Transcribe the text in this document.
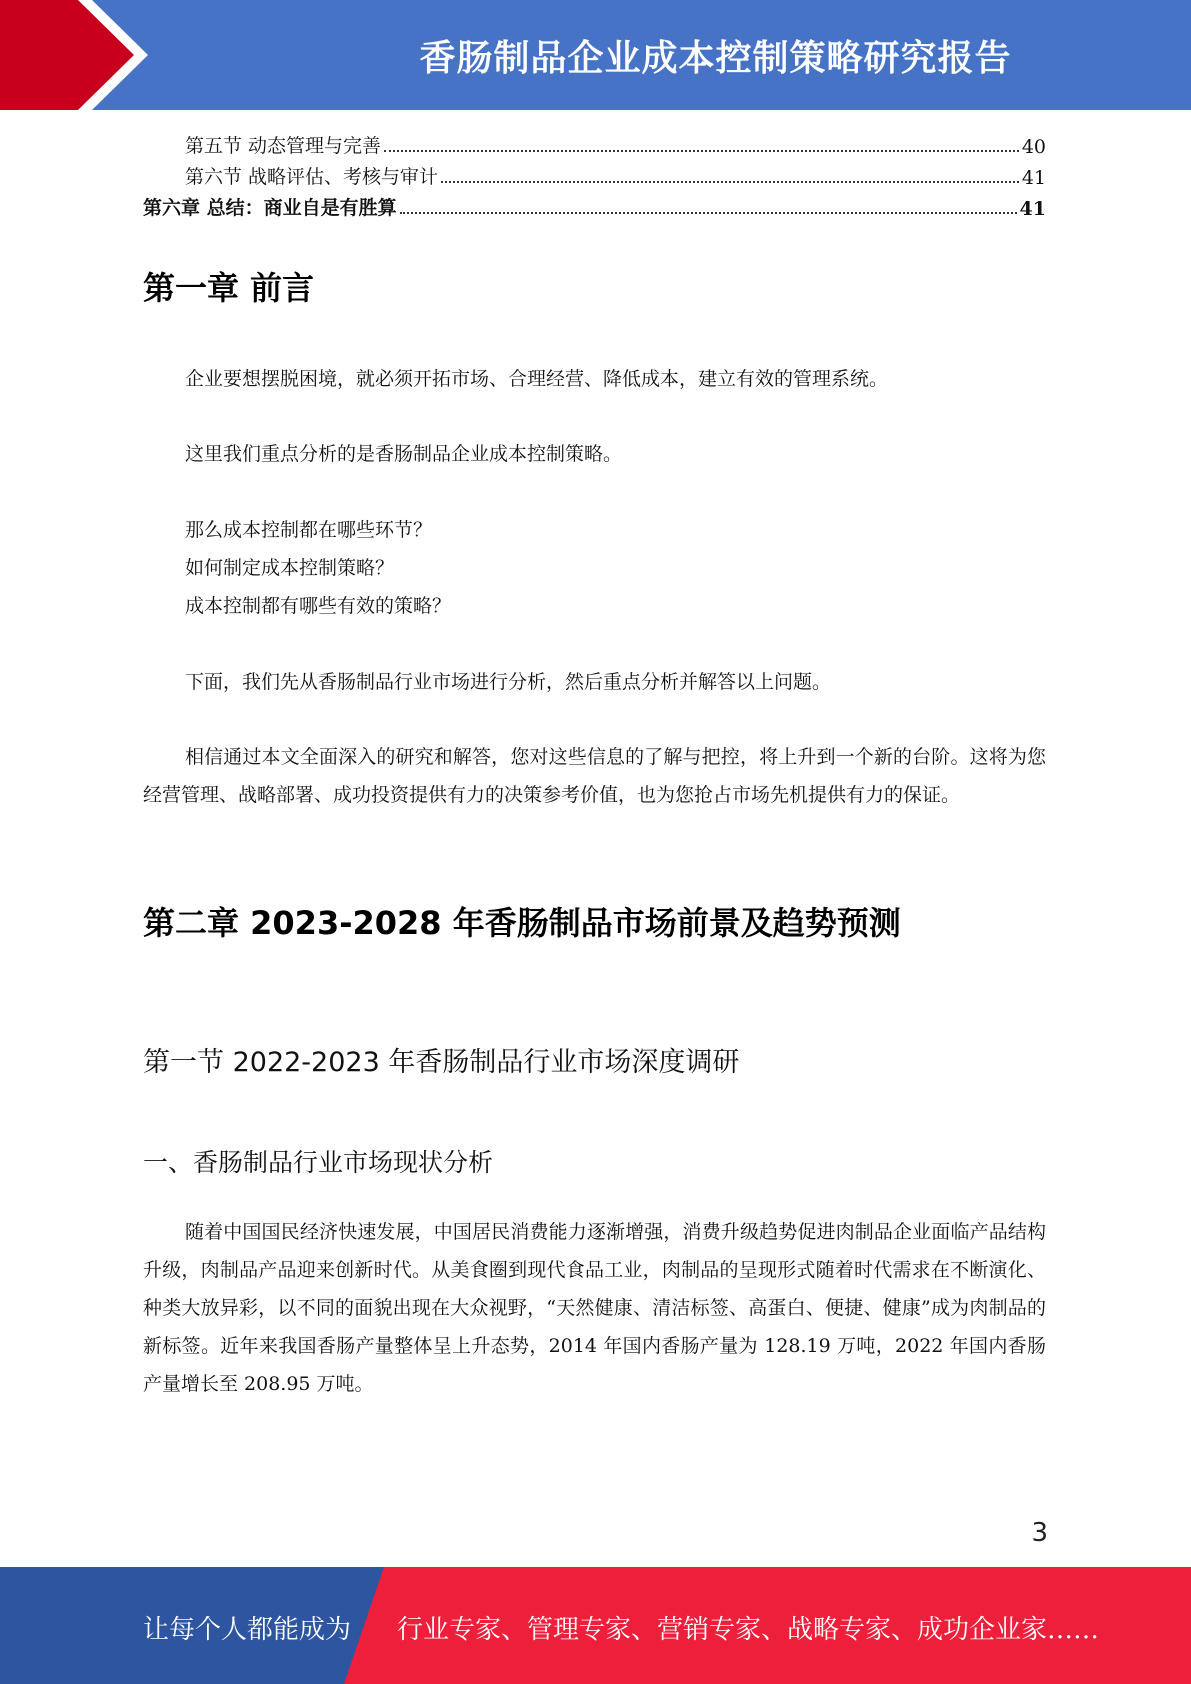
香肠制品企业成本控制策略研究报告
第五节 动态管理与完善	40
第六节 战略评估、考核与审计	41
第六章 总结：商业自是有胜算	41
第一章 前言
企业要想摆脱困境，就必须开拓市场、合理经营、降低成本，建立有效的管理系统。
这里我们重点分析的是香肠制品企业成本控制策略。
那么成本控制都在哪些环节？
如何制定成本控制策略？
成本控制都有哪些有效的策略？
下面，我们先从香肠制品行业市场进行分析，然后重点分析并解答以上问题。
相信通过本文全面深入的研究和解答，您对这些信息的了解与把控，将上升到一个新的台阶。这将为您经营管理、战略部署、成功投资提供有力的决策参考价值，也为您抢占市场先机提供有力的保证。
第二章 2023-2028 年香肠制品市场前景及趋势预测
第一节 2022-2023 年香肠制品行业市场深度调研
一、香肠制品行业市场现状分析
随着中国国民经济快速发展，中国居民消费能力逐渐增强，消费升级趋势促进肉制品企业面临产品结构升级，肉制品产品迎来创新时代。从美食圈到现代食品工业，肉制品的呈现形式随着时代需求在不断演化、种类大放异彩，以不同的面貌出现在大众视野，“天然健康、清洁标签、高蛋白、便捷、健康”成为肉制品的新标签。近年来我国香肠产量整体呈上升态势，2014 年国内香肠产量为 128.19 万吨，2022 年国内香肠产量增长至 208.95 万吨。
3
让每个人都能成为 行业专家、管理专家、营销专家、战略专家、成功企业家……
